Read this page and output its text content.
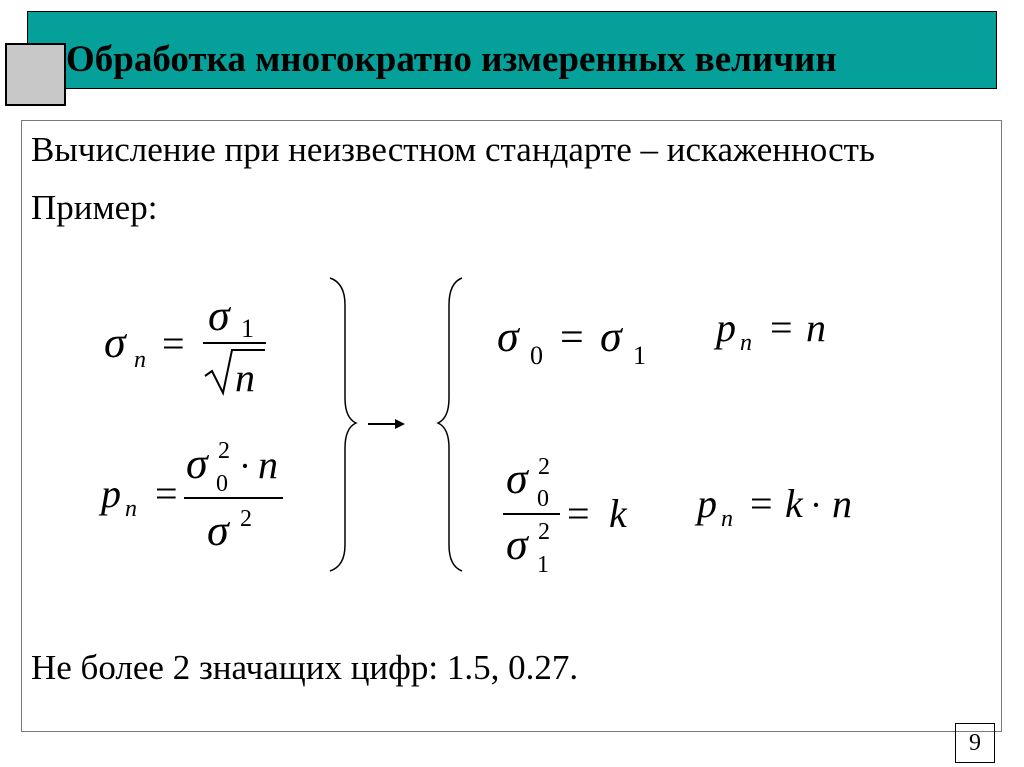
Обработка многократно измеренных величин
Вычисление при неизвестном стандарте – искаженность
Пример:
Не более 2 значащих цифр: 1.5, 0.27.
σ n =
σ 1
n
p n =
σ 2
0 · n
σ 2
σ 0 = σ 1
p n = n
σ 2
0
σ 2
1
= k p n = k · n
9
